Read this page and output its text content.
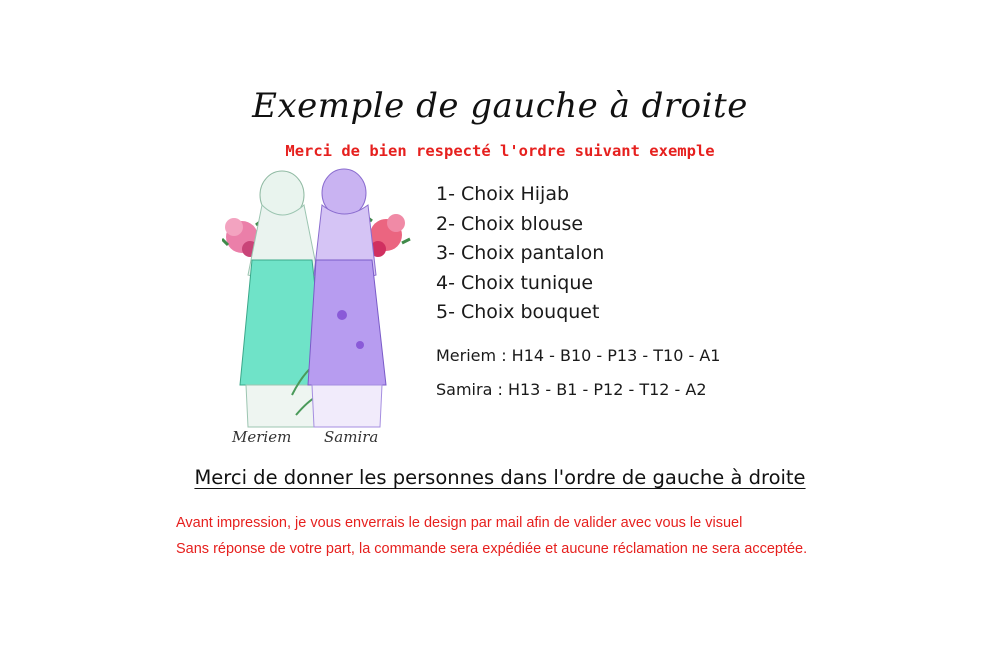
Exemple de gauche à droite
Merci de bien respecté l'ordre suivant exemple
Meriem Samira
1- Choix Hijab
2- Choix blouse
3- Choix pantalon
4- Choix tunique
5- Choix bouquet
Meriem : H14 - B10 - P13 - T10 - A1
Samira : H13 - B1 - P12 - T12 - A2
Merci de donner les personnes dans l'ordre de gauche à droite
Avant impression, je vous enverrais le design par mail afin de valider avec vous le visuel
Sans réponse de votre part, la commande sera expédiée et aucune réclamation ne sera acceptée.
